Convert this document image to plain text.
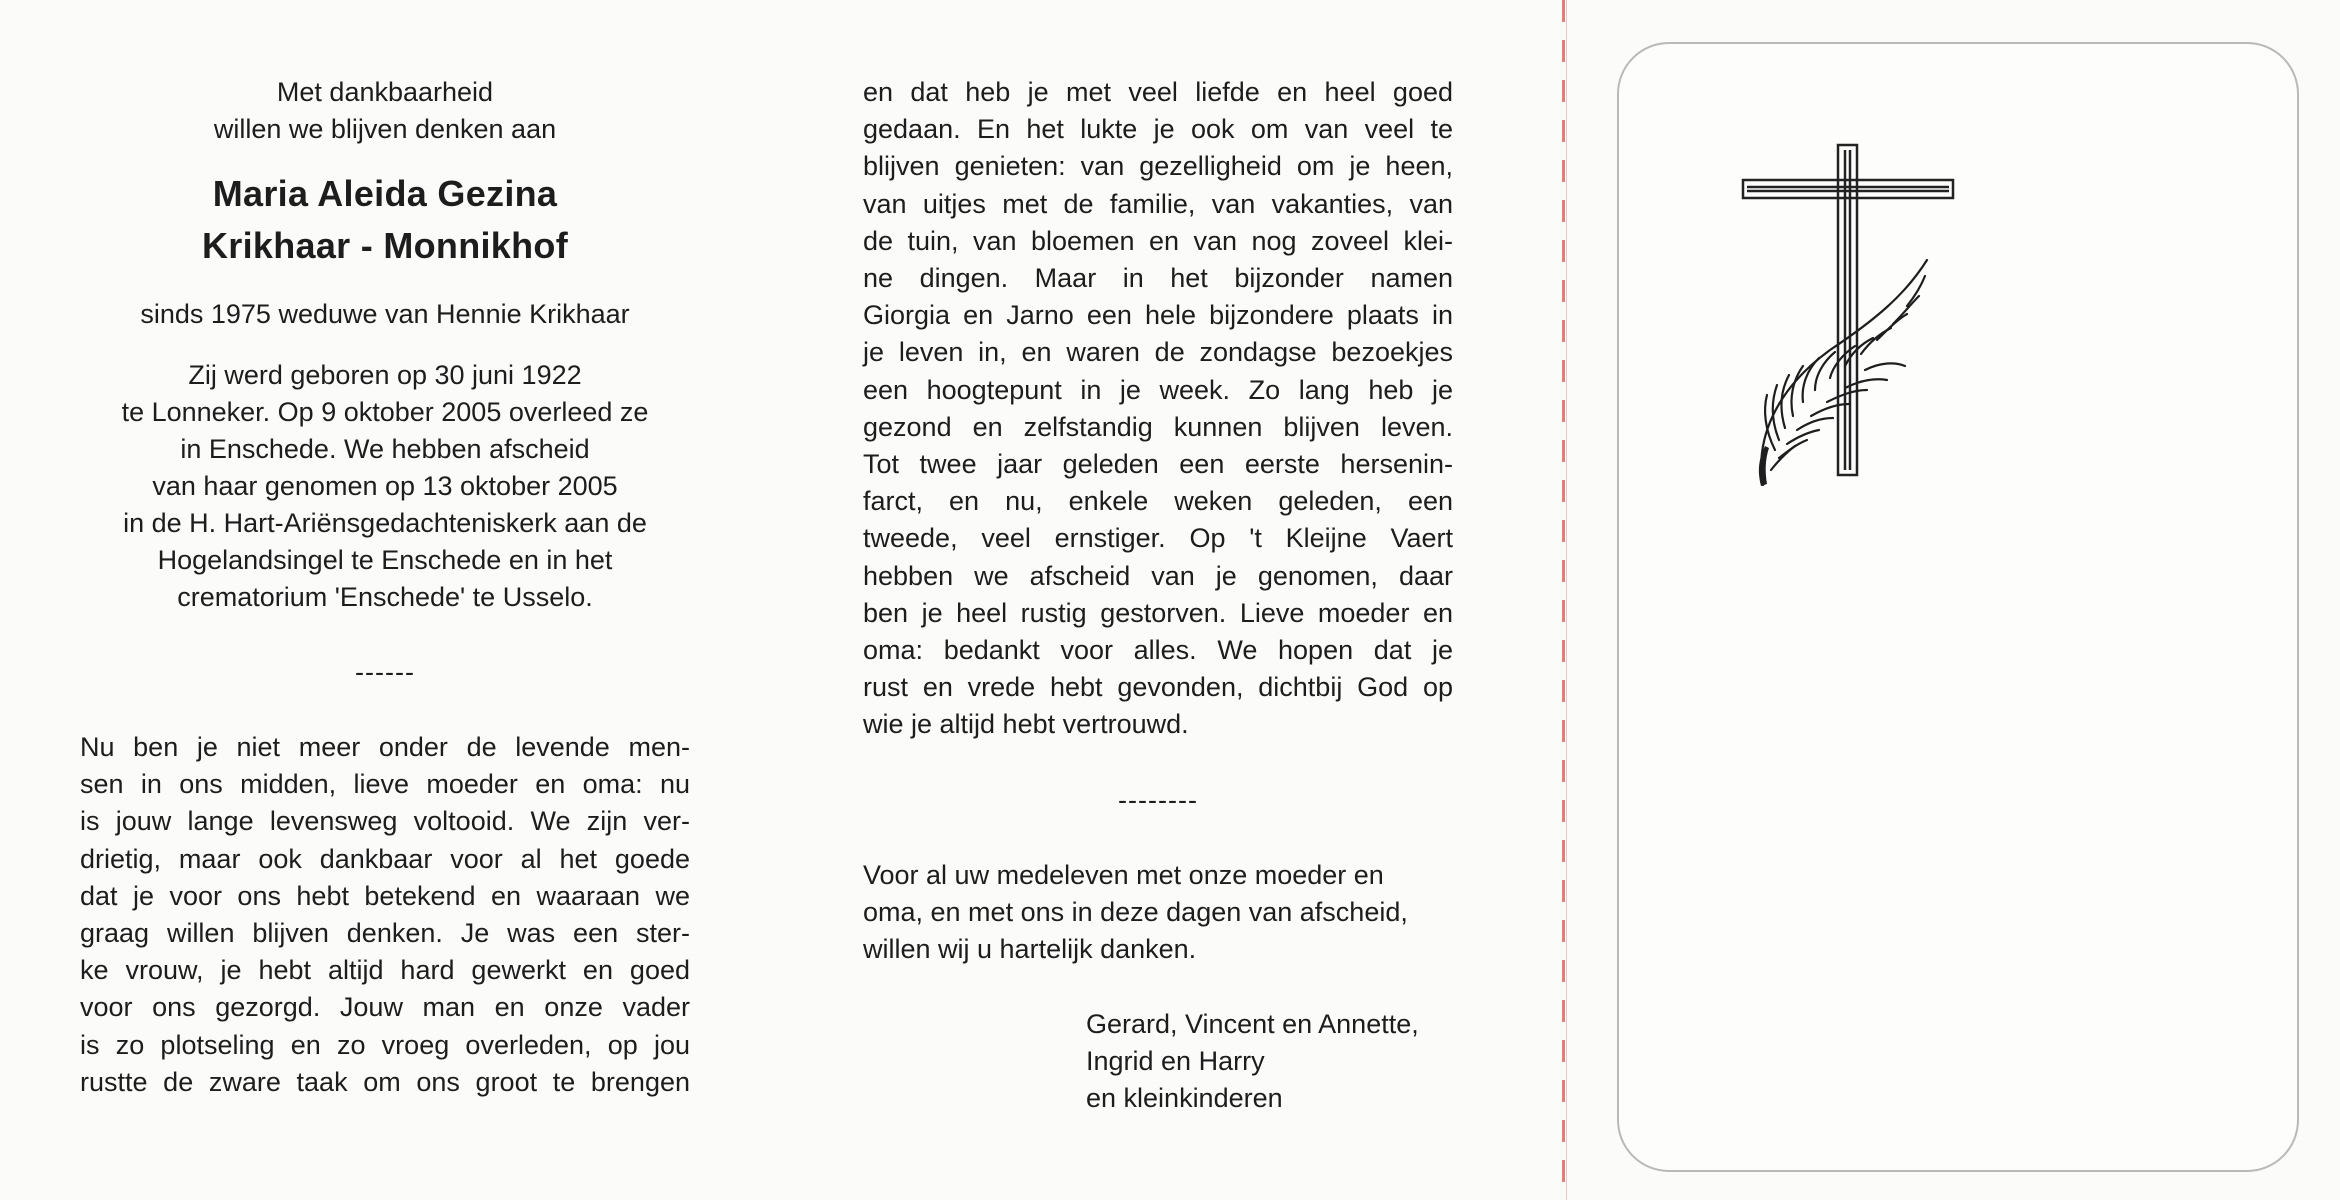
Met dankbaarheid
willen we blijven denken aan
Maria Aleida Gezina
Krikhaar - Monnikhof
sinds 1975 weduwe van Hennie Krikhaar
Zij werd geboren op 30 juni 1922
te Lonneker. Op 9 oktober 2005 overleed ze
in Enschede. We hebben afscheid
van haar genomen op 13 oktober 2005
in de H. Hart-Ariënsgedachteniskerk aan de
Hogelandsingel te Enschede en in het
crematorium 'Enschede' te Usselo.
------
Nu ben je niet meer onder de levende men-
sen in ons midden, lieve moeder en oma: nu
is jouw lange levensweg voltooid. We zijn ver-
drietig, maar ook dankbaar voor al het goede
dat je voor ons hebt betekend en waaraan we
graag willen blijven denken. Je was een ster-
ke vrouw, je hebt altijd hard gewerkt en goed
voor ons gezorgd. Jouw man en onze vader
is zo plotseling en zo vroeg overleden, op jou
rustte de zware taak om ons groot te brengen
en dat heb je met veel liefde en heel goed
gedaan. En het lukte je ook om van veel te
blijven genieten: van gezelligheid om je heen,
van uitjes met de familie, van vakanties, van
de tuin, van bloemen en van nog zoveel klei-
ne dingen. Maar in het bijzonder namen
Giorgia en Jarno een hele bijzondere plaats in
je leven in, en waren de zondagse bezoekjes
een hoogtepunt in je week. Zo lang heb je
gezond en zelfstandig kunnen blijven leven.
Tot twee jaar geleden een eerste hersenin-
farct, en nu, enkele weken geleden, een
tweede, veel ernstiger. Op 't Kleijne Vaert
hebben we afscheid van je genomen, daar
ben je heel rustig gestorven. Lieve moeder en
oma: bedankt voor alles. We hopen dat je
rust en vrede hebt gevonden, dichtbij God op
wie je altijd hebt vertrouwd.
--------
Voor al uw medeleven met onze moeder en
oma, en met ons in deze dagen van afscheid,
willen wij u hartelijk danken.
Gerard, Vincent en Annette,
Ingrid en Harry
en kleinkinderen
